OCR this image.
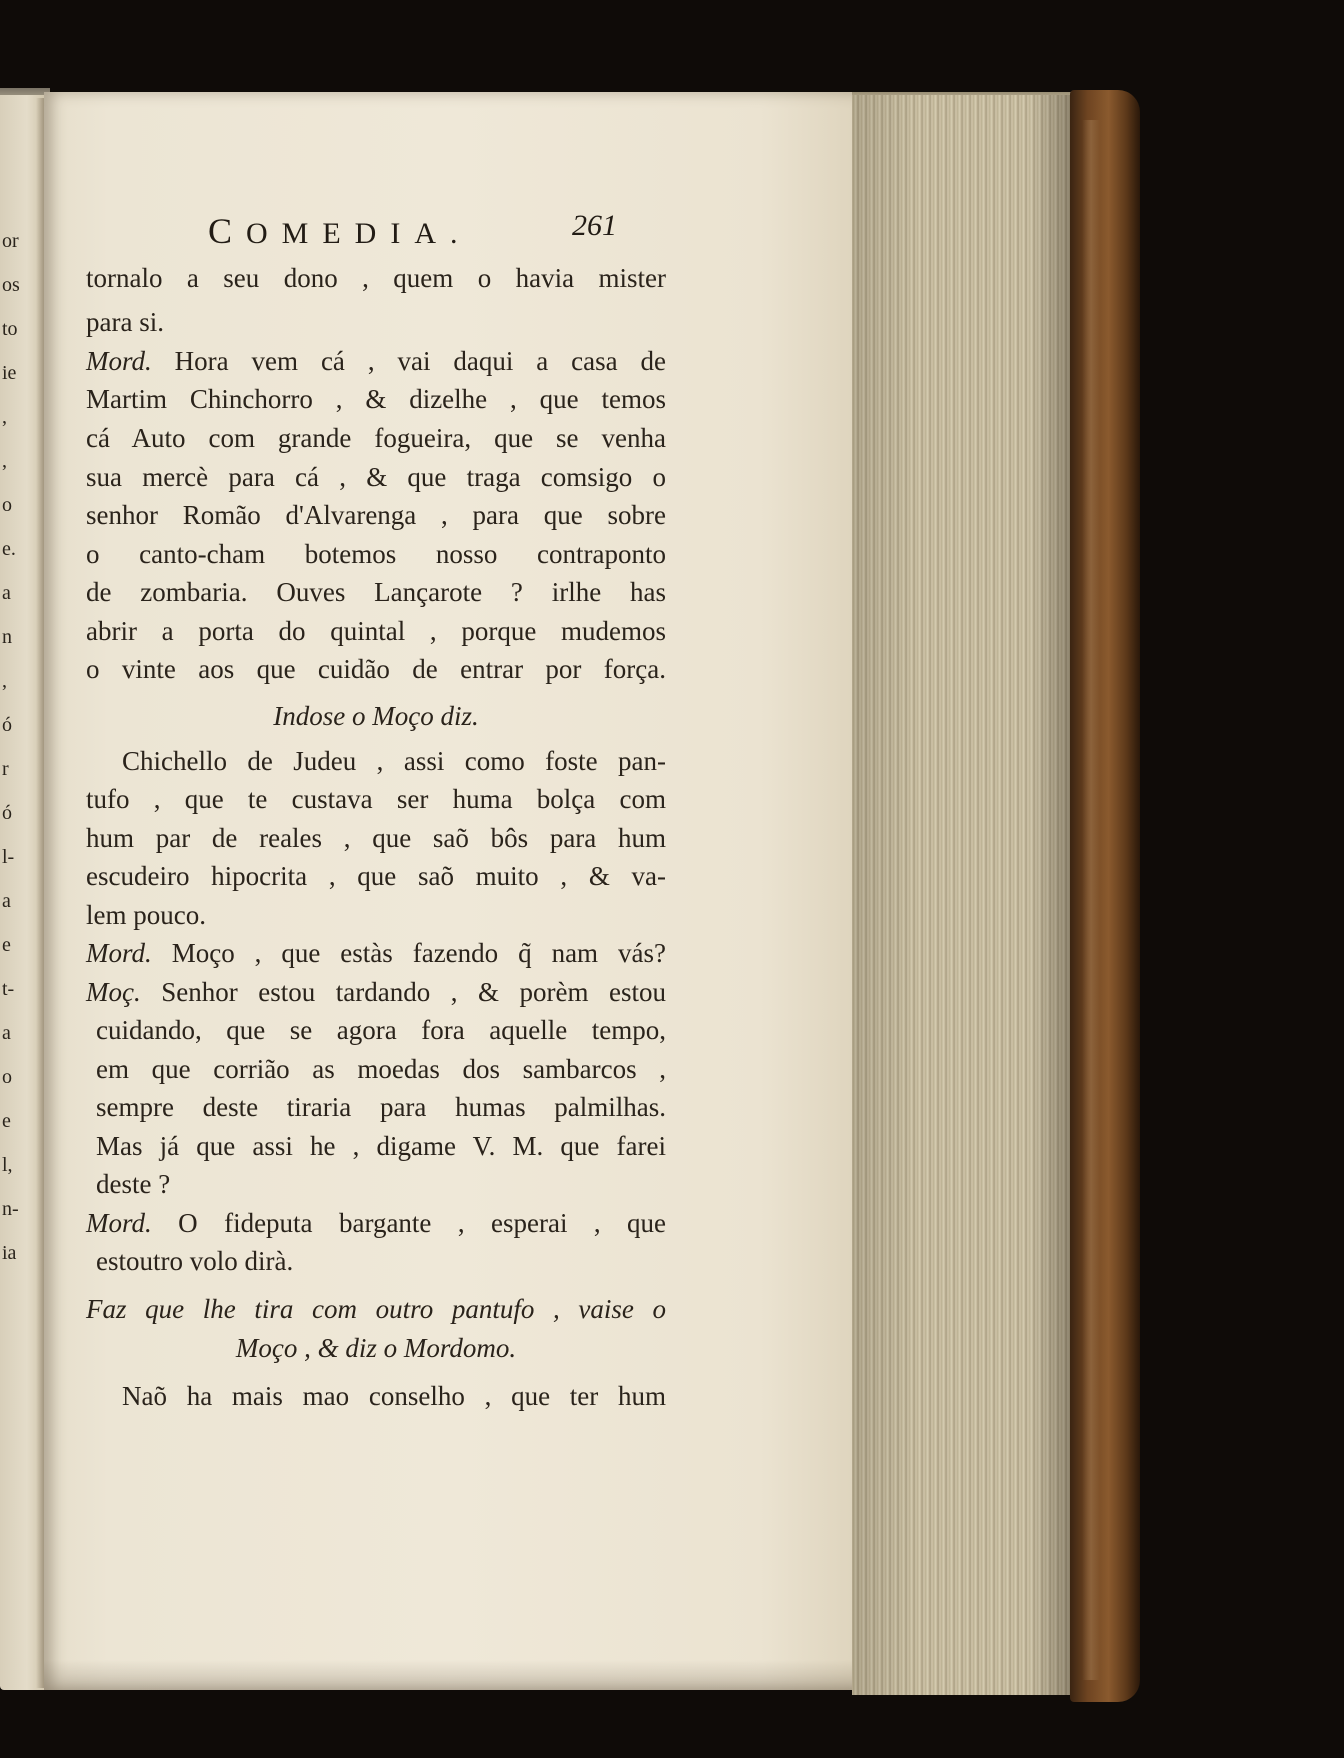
or
os
to
ie
,
,
o
e.
a
n
,
ó
r
ó
l-
a
e
t-
a
o
e
l,
n-
ia
COMEDIA.	261
tornalo a seu dono , quem o havia mister
para si.
Mord. Hora vem cá , vai daqui a casa de
Martim Chinchorro , & dizelhe , que temos
cá Auto com grande fogueira, que se venha
sua mercè para cá , & que traga comsigo o
senhor Romão d'Alvarenga , para que sobre
o canto-cham botemos nosso contraponto
de zombaria. Ouves Lançarote ? irlhe has
abrir a porta do quintal , porque mudemos
o vinte aos que cuidão de entrar por força.
Indose o Moço diz.
Chichello de Judeu , assi como foste pan-
tufo , que te custava ser huma bolça com
hum par de reales , que saõ bôs para hum
escudeiro hipocrita , que saõ muito , & va-
lem pouco.
Mord. Moço , que estàs fazendo q̃ nam vás?
Moç. Senhor estou tardando , & porèm estou
cuidando, que se agora fora aquelle tempo,
em que corrião as moedas dos sambarcos ,
sempre deste tiraria para humas palmilhas.
Mas já que assi he , digame V. M. que farei
deste ?
Mord. O fideputa bargante , esperai , que
estoutro volo dirà.
Faz que lhe tira com outro pantufo , vaise o
Moço , & diz o Mordomo.
Naõ ha mais mao conselho , que ter hum
